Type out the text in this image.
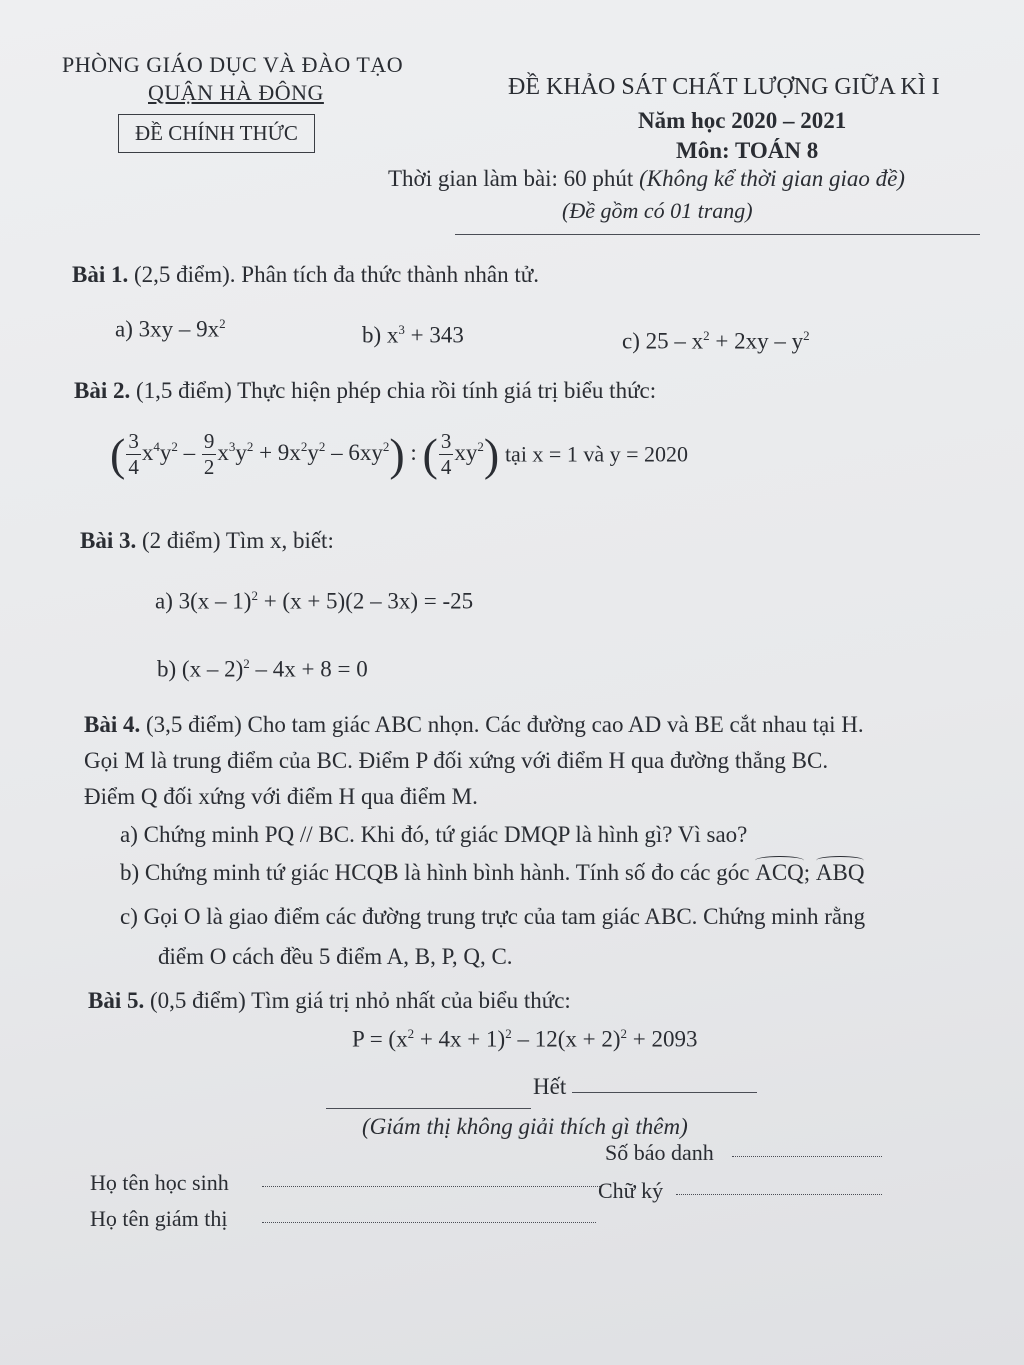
PHÒNG GIÁO DỤC VÀ ĐÀO TẠO
QUẬN HÀ ĐÔNG
ĐỀ CHÍNH THỨC
ĐỀ KHẢO SÁT CHẤT LƯỢNG GIỮA KÌ I
Năm học 2020 – 2021
Môn: TOÁN 8
Thời gian làm bài: 60 phút (Không kể thời gian giao đề)
(Đề gồm có 01 trang)
Bài 1. (2,5 điểm). Phân tích đa thức thành nhân tử.
a) $3xy - 9x^2$	b) $x^3 + 343$	c) $25 - x^2 + 2xy - y^2$
Bài 2. (1,5 điểm) Thực hiện phép chia rồi tính giá trị biểu thức:
( $\frac{3}{4} x^4y^2 - \frac{9}{2} x^3y^2 + 9x^2y^2 - 6xy^2$) : ( $\frac{3}{4} xy^2$) tại x = 1 và y = 2020
Bài 3. (2 điểm) Tìm x, biết:
a) 3(x – 1)$^2$ + (x + 5)(2 – 3x) = -25
b) (x – 2)$^2$ – 4x + 8 = 0
Bài 4. (3,5 điểm) Cho tam giác ABC nhọn. Các đường cao AD và BE cắt nhau tại H.
Gọi M là trung điểm của BC. Điểm P đối xứng với điểm H qua đường thẳng BC.
Điểm Q đối xứng với điểm H qua điểm M.
a) Chứng minh PQ // BC. Khi đó, tứ giác DMQP là hình gì? Vì sao?
b) Chứng minh tứ giác HCQB là hình bình hành. Tính số đo các góc ACQ; ABQ
c) Gọi O là giao điểm các đường trung trực của tam giác ABC. Chứng minh rằng
điểm O cách đều 5 điểm A, B, P, Q, C.
Bài 5. (0,5 điểm) Tìm giá trị nhỏ nhất của biểu thức:
$P = (x^2 + 4x + 1)^2 - 12(x + 2)^2 + 2093$
Hết
(Giám thị không giải thích gì thêm)
Họ tên học sinh
Số báo danh
Họ tên giám thị
Chữ ký
